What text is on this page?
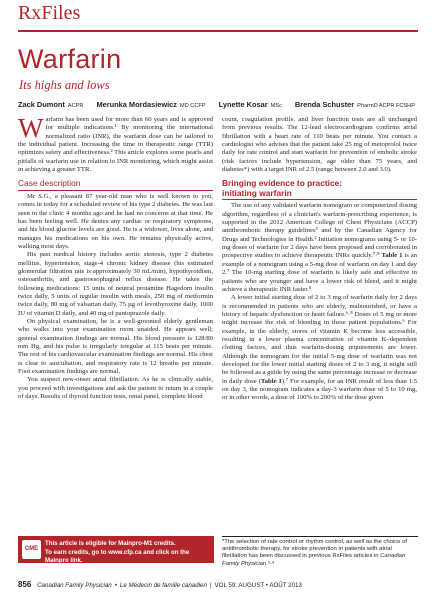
RxFiles
Warfarin
Its highs and lows
Zack Dumont ACPR Merunka Mordasiewicz MD CCFP Lynette Kosar MSc Brenda Schuster PharmD ACPR FCSHP

Warfarin has been used for more than 60 years and is approved for multiple indications.¹ By monitoring the international normalized ratio (INR), the warfarin dose can be tailored to the individual patient. Increasing the time in therapeutic range (TTR) optimizes safety and effectiveness.² This article explores some pearls and pitfalls of warfarin use in relation to INR monitoring, which might assist in achieving a greater TTR.

Case description

Mr S.G., a pleasant 87 year-old man who is well known to you, comes in today for a scheduled review of his type 2 diabetes. He was last seen in the clinic 4 months ago and he had no concerns at that time. He has been feeling well. He denies any cardiac or respiratory symptoms, and his blood glucose levels are good. He is a widower, lives alone, and manages his medications on his own. He remains physically active, walking most days.

His past medical history includes aortic stenosis, type 2 diabetes mellitus, hypertension, stage-4 chronic kidney disease (his estimated glomerular filtration rate is approximately 30 mL/min), hypothyroidism, osteoarthritis, and gastroesophageal reflux disease. He takes the following medications: 15 units of neutral protamine Hagedorn insulin twice daily, 5 units of regular insulin with meals, 250 mg of metformin twice daily, 80 mg of valsartan daily, 75 µg of levothyroxine daily, 1000 IU of vitamin D daily, and 40 mg of pantoprazole daily.

On physical examination, he is a well-groomed elderly gentleman who walks into your examination room unaided. He appears well; general examination findings are normal. His blood pressure is 128/80 mm Hg, and his pulse is irregularly irregular at 115 beats per minute. The rest of his cardiovascular examination findings are normal. His chest is clear to auscultation, and respiratory rate is 12 breaths per minute. Foot examination findings are normal.

You suspect new-onset atrial fibrillation. As he is clinically stable, you proceed with investigations and ask the patient to return in a couple of days. Results of thyroid function tests, renal panel, complete blood

count, coagulation profile, and liver function tests are all unchanged from previous results. The 12-lead electrocardiogram confirms atrial fibrillation with a heart rate of 110 beats per minute. You contact a cardiologist who advises that the patient take 25 mg of metoprolol twice daily for rate control and start warfarin for prevention of embolic stroke (risk factors include hypertension, age older than 75 years, and diabetes*) with a target INR of 2.5 (range between 2.0 and 3.0).

Bringing evidence to practice:
initiating warfarin

The use of any validated warfarin nomogram or computerized dosing algorithm, regardless of a clinician's warfarin-prescribing experience, is supported in the 2012 American College of Chest Physicians (ACCP) antithrombotic therapy guidelines⁵ and by the Canadian Agency for Drugs and Technologies in Health.² Initiation nomograms using 5- or 10-mg doses of warfarin for 2 days have been proposed and corroborated in prospective studies to achieve therapeutic INRs quickly.⁷·⁸ Table 1 is an example of a nomogram using a 5-mg dose of warfarin on day 1 and day 2.⁷ The 10-mg starting dose of warfarin is likely safe and effective in patients who are younger and have a lower risk of bleed, and it might achieve a therapeutic INR faster.⁸

A lower initial starting dose of 2 to 3 mg of warfarin daily for 2 days is recommended in patients who are elderly, malnourished, or have a history of hepatic dysfunction or heart failure.⁶·⁸ Doses of 5 mg or more might increase the risk of bleeding in these patient populations.⁶ For example, in the elderly, stores of vitamin K become less accessible, resulting in a lower plasma concentration of vitamin K–dependent clotting factors, and thus warfarin-dosing requirements are lower. Although the nomogram for the initial 5-mg dose of warfarin was not developed for the lower initial starting doses of 2 to 3 mg, it might still be followed as a guide by using the same percentage increase or decrease in daily dose (Table 1).⁷ For example, for an INR result of less than 1.5 on day 3, the nomogram indicates a day-3 warfarin dose of 5 to 10 mg, or in other words, a dose of 100% to 200% of the dose given

CME
This article is eligible for Mainpro-M1 credits.
To earn credits, go to www.cfp.ca and click on the Mainpro link.
*The selection of rate control or rhythm control, as well as the choice of antithrombotic therapy, for stroke prevention in patients with atrial fibrillation has been discussed in previous RxFiles articles in Canadian Family Physician.³·⁴
856 Canadian Family Physician • Le Médecin de famille canadien | VOL 59: AUGUST • AOÛT 2013
